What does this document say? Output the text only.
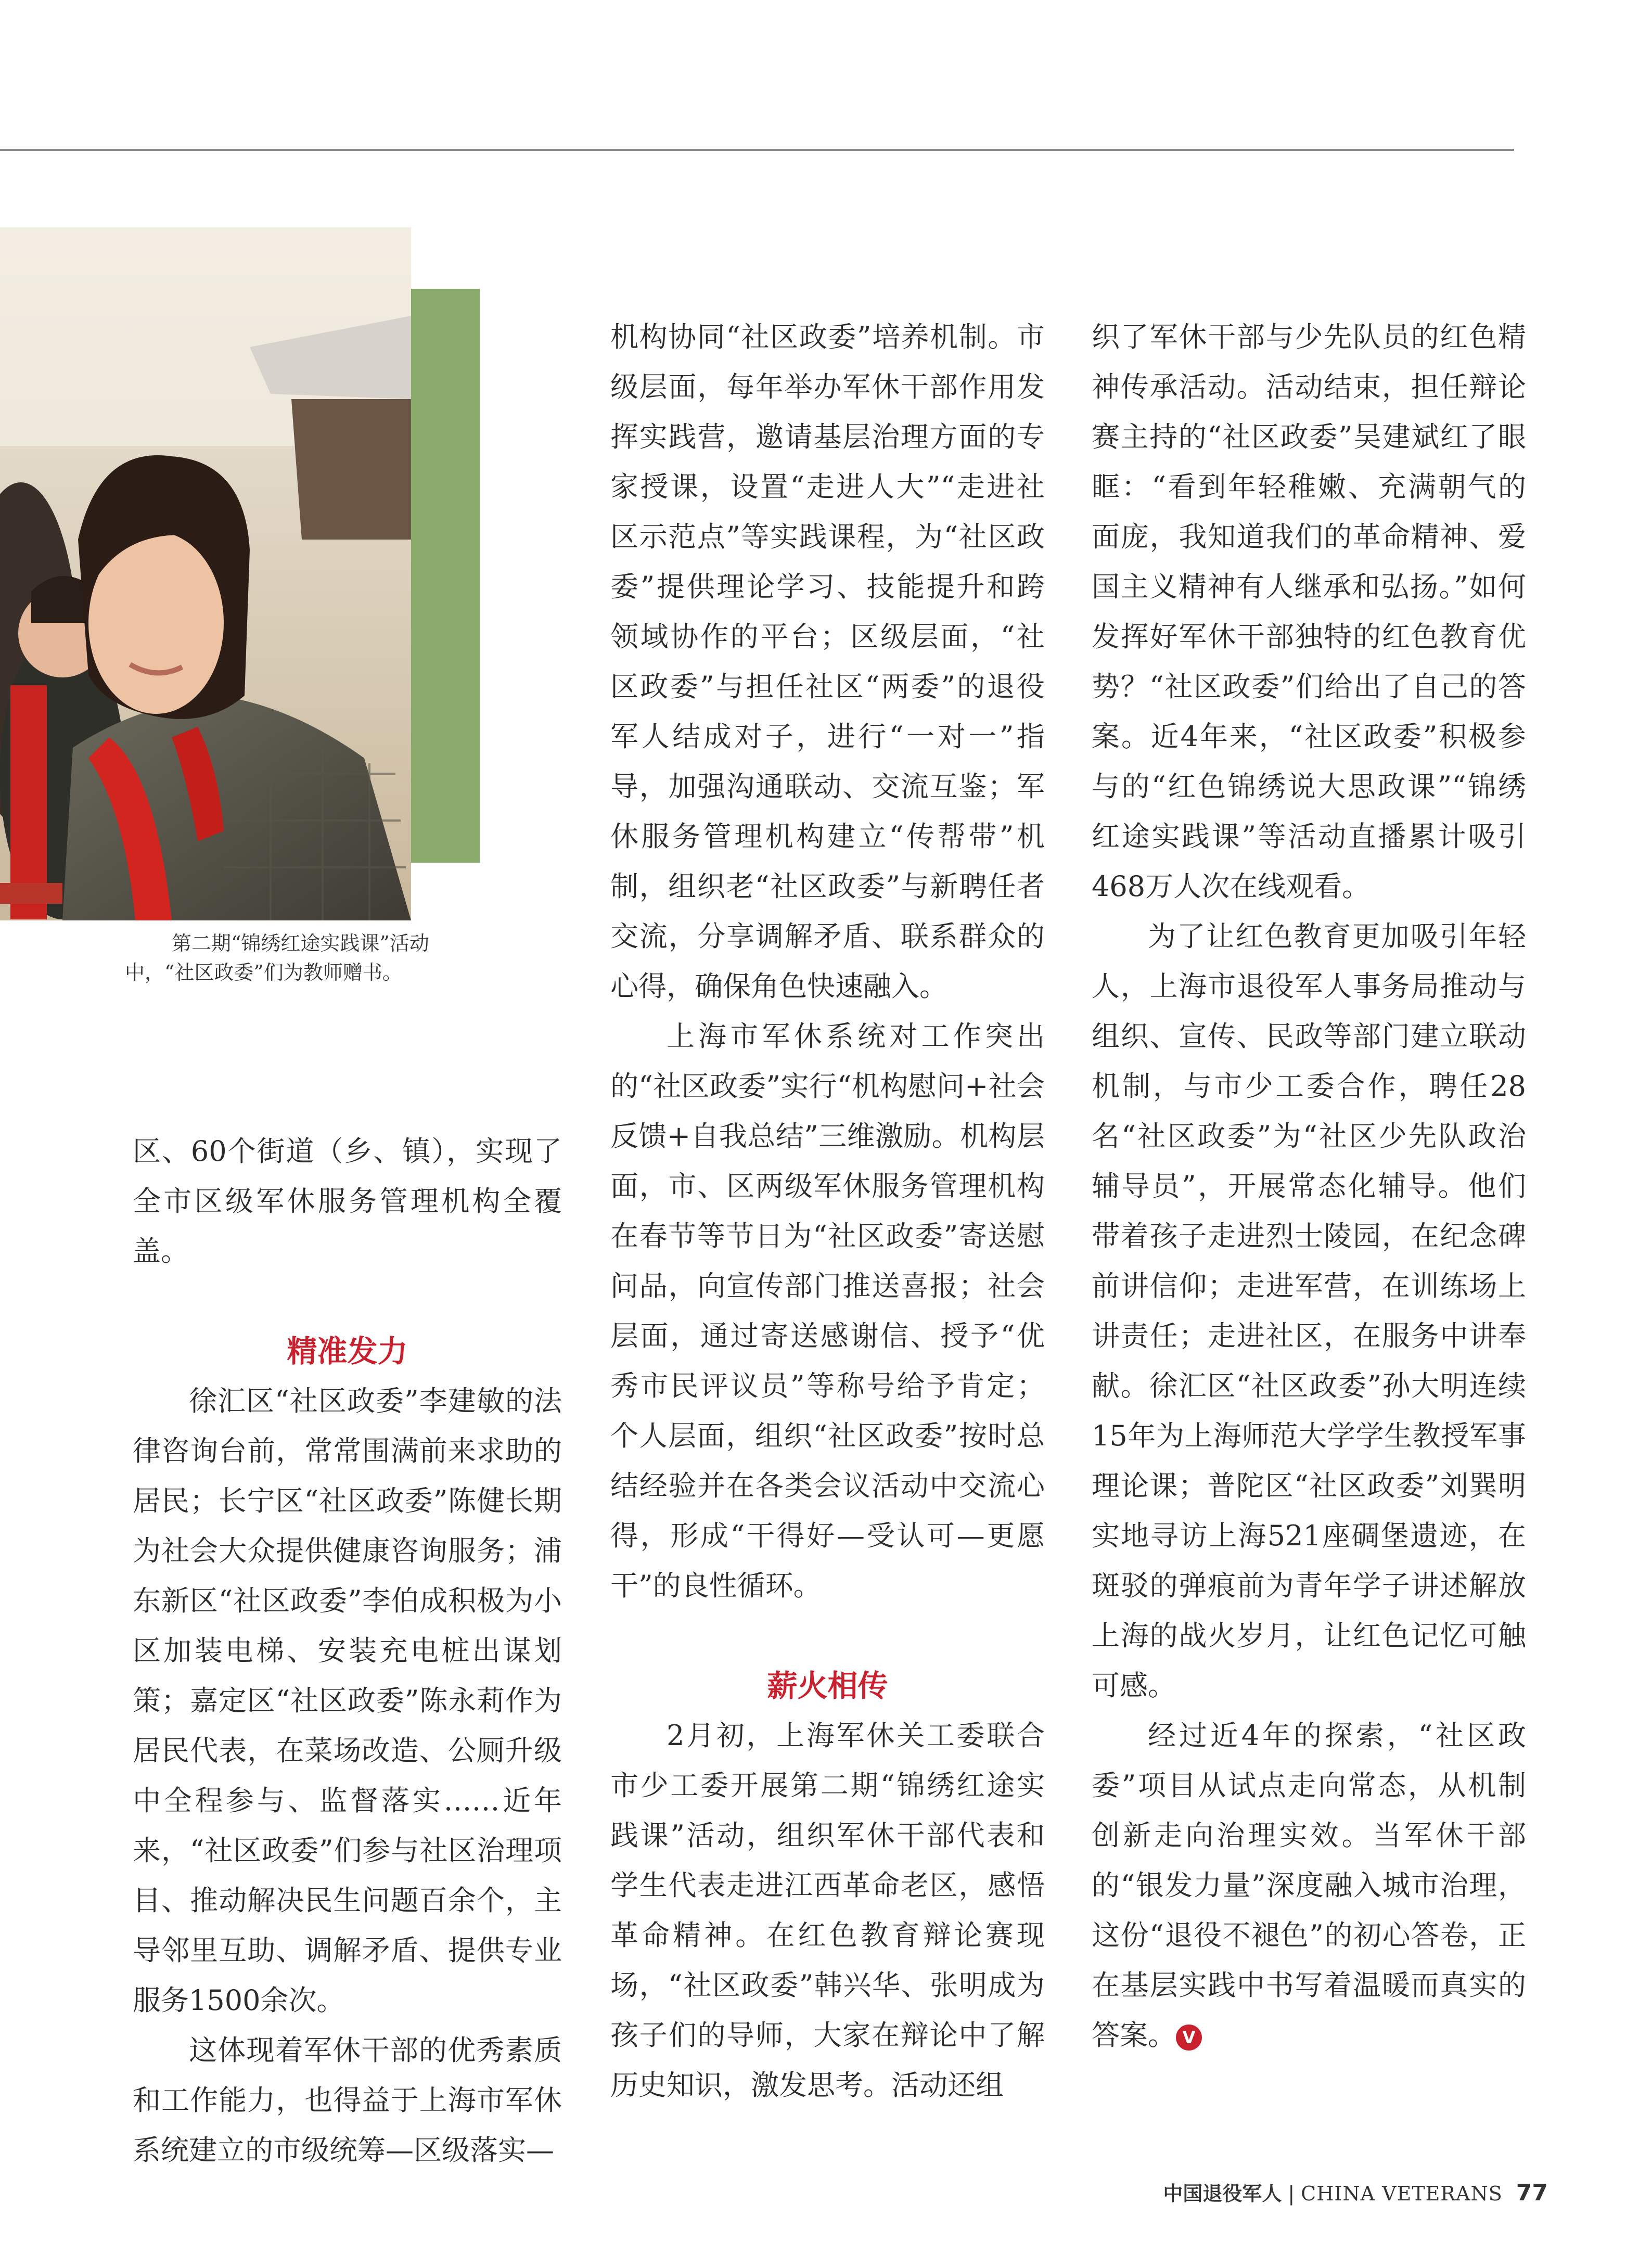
第二期“锦绣红途实践课”活动中，“社区政委”们为教师赠书。

区、60个街道（乡、镇），实现了全市区级军休服务管理机构全覆盖。

精准发力

徐汇区“社区政委”李建敏的法律咨询台前，常常围满前来求助的居民；长宁区“社区政委”陈健长期为社会大众提供健康咨询服务；浦东新区“社区政委”李伯成积极为小区加装电梯、安装充电桩出谋划策；嘉定区“社区政委”陈永莉作为居民代表，在菜场改造、公厕升级中全程参与、监督落实……近年来，“社区政委”们参与社区治理项目、推动解决民生问题百余个，主导邻里互助、调解矛盾、提供专业服务1500余次。

这体现着军休干部的优秀素质和工作能力，也得益于上海市军休系统建立的市级统筹—区级落实—

机构协同“社区政委”培养机制。市级层面，每年举办军休干部作用发挥实践营，邀请基层治理方面的专家授课，设置“走进人大”“走进社区示范点”等实践课程，为“社区政委”提供理论学习、技能提升和跨领域协作的平台；区级层面，“社区政委”与担任社区“两委”的退役军人结成对子，进行“一对一”指导，加强沟通联动、交流互鉴；军休服务管理机构建立“传帮带”机制，组织老“社区政委”与新聘任者交流，分享调解矛盾、联系群众的心得，确保角色快速融入。

上海市军休系统对工作突出的“社区政委”实行“机构慰问+社会反馈+自我总结”三维激励。机构层面，市、区两级军休服务管理机构在春节等节日为“社区政委”寄送慰问品，向宣传部门推送喜报；社会层面，通过寄送感谢信、授予“优秀市民评议员”等称号给予肯定；个人层面，组织“社区政委”按时总结经验并在各类会议活动中交流心得，形成“干得好—受认可—更愿干”的良性循环。

薪火相传

2月初，上海军休关工委联合市少工委开展第二期“锦绣红途实践课”活动，组织军休干部代表和学生代表走进江西革命老区，感悟革命精神。在红色教育辩论赛现场，“社区政委”韩兴华、张明成为孩子们的导师，大家在辩论中了解历史知识，激发思考。活动还组

织了军休干部与少先队员的红色精神传承活动。活动结束，担任辩论赛主持的“社区政委”吴建斌红了眼眶：“看到年轻稚嫩、充满朝气的面庞，我知道我们的革命精神、爱国主义精神有人继承和弘扬。”如何发挥好军休干部独特的红色教育优势？“社区政委”们给出了自己的答案。近4年来，“社区政委”积极参与的“红色锦绣说大思政课”“锦绣红途实践课”等活动直播累计吸引468万人次在线观看。

为了让红色教育更加吸引年轻人，上海市退役军人事务局推动与组织、宣传、民政等部门建立联动机制，与市少工委合作，聘任28名“社区政委”为“社区少先队政治辅导员”，开展常态化辅导。他们带着孩子走进烈士陵园，在纪念碑前讲信仰；走进军营，在训练场上讲责任；走进社区，在服务中讲奉献。徐汇区“社区政委”孙大明连续15年为上海师范大学学生教授军事理论课；普陀区“社区政委”刘巽明实地寻访上海521座碉堡遗迹，在斑驳的弹痕前为青年学子讲述解放上海的战火岁月，让红色记忆可触可感。

经过近4年的探索，“社区政委”项目从试点走向常态，从机制创新走向治理实效。当军休干部的“银发力量”深度融入城市治理，这份“退役不褪色”的初心答卷，正在基层实践中书写着温暖而真实的答案。 V

中国退役军人 | CHINA VETERANS 77
